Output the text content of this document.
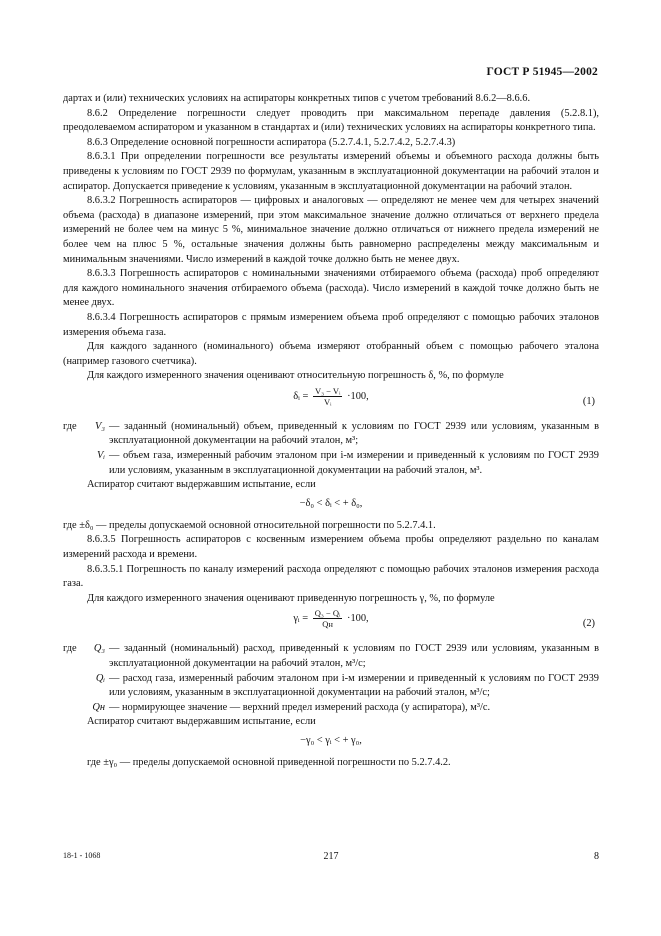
ГОСТ Р 51945—2002

дартах и (или) технических условиях на аспираторы конкретных типов с учетом требований 8.6.2—8.6.6.

8.6.2 Определение погрешности следует проводить при максимальном перепаде давления (5.2.8.1), преодолеваемом аспиратором и указанном в стандартах и (или) технических условиях на аспираторы конкретного типа.

8.6.3 Определение основной погрешности аспиратора (5.2.7.4.1, 5.2.7.4.2, 5.2.7.4.3)

8.6.3.1 При определении погрешности все результаты измерений объемы и объемного расхода должны быть приведены к условиям по ГОСТ 2939 по формулам, указанным в эксплуатационной документации на рабочий эталон и аспиратор. Допускается приведение к условиям, указанным в эксплуатационной документации на рабочий эталон.

8.6.3.2 Погрешность аспираторов — цифровых и аналоговых — определяют не менее чем для четырех значений объема (расхода) в диапазоне измерений, при этом максимальное значение должно отличаться от верхнего предела измерений не более чем на минус 5 %, минимальное значение должно отличаться от нижнего предела измерений не более чем на плюс 5 %, остальные значения должны быть равномерно распределены между максимальным и минимальным значениями. Число измерений в каждой точке должно быть не менее двух.

8.6.3.3 Погрешность аспираторов с номинальными значениями отбираемого объема (расхода) проб определяют для каждого номинального значения отбираемого объема (расхода). Число измерений в каждой точке должно быть не менее двух.

8.6.3.4 Погрешность аспираторов с прямым измерением объема проб определяют с помощью рабочих эталонов измерения объема газа.

Для каждого заданного (номинального) объема измеряют отобранный объем с помощью рабочего эталона (например газового счетчика).

Для каждого измеренного значения оценивают относительную погрешность δ, %, по формуле

δᵢ = $\frac{\text{V₃ − Vᵢ}}{\text{Vᵢ}} \cdot 100$,	(1)
где	V₃ — заданный (номинальный) объем, приведенный к условиям по ГОСТ 2939 или условиям, указанным в эксплуатационной документации на рабочий эталон, м³;
Vᵢ — объем газа, измеренный рабочим эталоном при i-м измерении и приведенный к условиям по ГОСТ 2939 или условиям, указанным в эксплуатационной документации на рабочий эталон, м³.

Аспиратор считают выдержавшим испытание, если

−δ₀ < δᵢ < + δ₀,

где ±δ₀ — пределы допускаемой основной относительной погрешности по 5.2.7.4.1.

8.6.3.5 Погрешность аспираторов с косвенным измерением объема пробы определяют раздельно по каналам измерений расхода и времени.

8.6.3.5.1 Погрешность по каналу измерений расхода определяют с помощью рабочих эталонов измерения расхода газа.

Для каждого измеренного значения оценивают приведенную погрешность γ, %, по формуле

γᵢ = $\frac{\text{Q₃ − Qᵢ}}{Qн} \cdot 100$,	(2)
где	Q₃ — заданный (номинальный) расход, приведенный к условиям по ГОСТ 2939 или условиям, указанным в эксплуатационной документации на рабочий эталон, м³/с;
Qᵢ — расход газа, измеренный рабочим эталоном при i-м измерении и приведенный к условиям по ГОСТ 2939 или условиям, указанным в эксплуатационной документации на рабочий эталон, м³/с;
Qн — нормирующее значение — верхний предел измерений расхода (у аспиратора), м³/с.

Аспиратор считают выдержавшим испытание, если

−γ₀ < γᵢ < + γ₀,

где ±γ₀ — пределы допускаемой основной приведенной погрешности по 5.2.7.4.2.

18-1 - 1068	217	8
